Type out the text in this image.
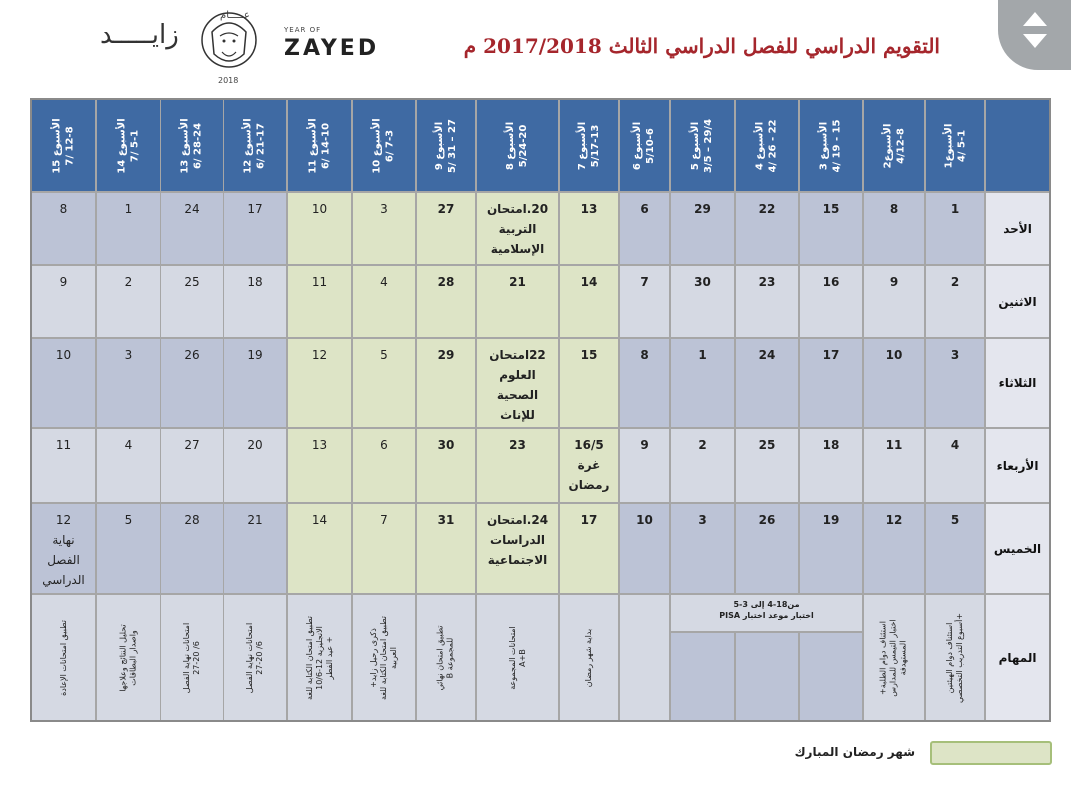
عـــــام
زايـــــد
2018
YEAR OF
ZAYED	التقويم الدراسي للفصل الدراسي الثالث 2017/2018 م
الأسبوع1
4/ 5-1
الأسبوع2
4/12-8
الأسبوع 3
4/ 19 - 15
الأسبوع 4
4/ 26 - 22
الأسبوع 5
3/5 – 29/4
الأسبوع 6
5/10-6
الأسبوع 7
5/17-13
الأسبوع 8
5/24-20
الأسبوع 9
5/ 31 – 27
الأسبوع 10
6/ 7-3
الأسبوع 11
6/ 14-10
الأسبوع 12
6/ 21-17
الأسبوع 13
6/ 28-24
الأسبوع 14
7/ 5-1
الأسبوع 15
7/ 12-8
الأحد
1
8
15
22
29
6
13
20.امتحان
التربية
الإسلامية
27
3
10
17
24
1
8
الاثنين
2
9
16
23
30
7
14
21
28
4
11
18
25
2
9
الثلاثاء
3
10
17
24
1
8
15
22امتحان
العلوم
الصحية
للإناث
29
5
12
19
26
3
10
الأربعاء
4
11
18
25
2
9
16/5
غرة
رمضان
23
30
6
13
20
27
4
11
الخميس
5
12
19
26
3
10
17
24.امتحان
الدراسات
الاجتماعية
31
7
14
21
28
5
12
نهاية
الفصل
الدراسي
المهام
استئناف دوام الهيئتين
+أسبوع التدريب التخصصي
استئناف دوام الطلبة+
اختبار التيمس للمدارس
المستهدفة
بداية شهر رمضان
امتحانات المجموعة
A+B
تطبيق امتحان نهائي
للمجموعة B
ذكرى رحيل زايد+
تطبيق امتحان الكتابة للغة
العربية
تطبيق امتحان الكتابة للغة
الانجليزية 12-10/6
+ عيد الفطر
امتحانات نهاية الفصل
6/ 27-20
امتحانات نهاية الفصل
6/ 27-20
تحليل النتائج وعلاجها
واصدار البطاقات
تطبيق امتحانات الإعادة
من18-4 إلى 3-5
اختبار موعد اختبار PISA
شهر رمضان المبارك
